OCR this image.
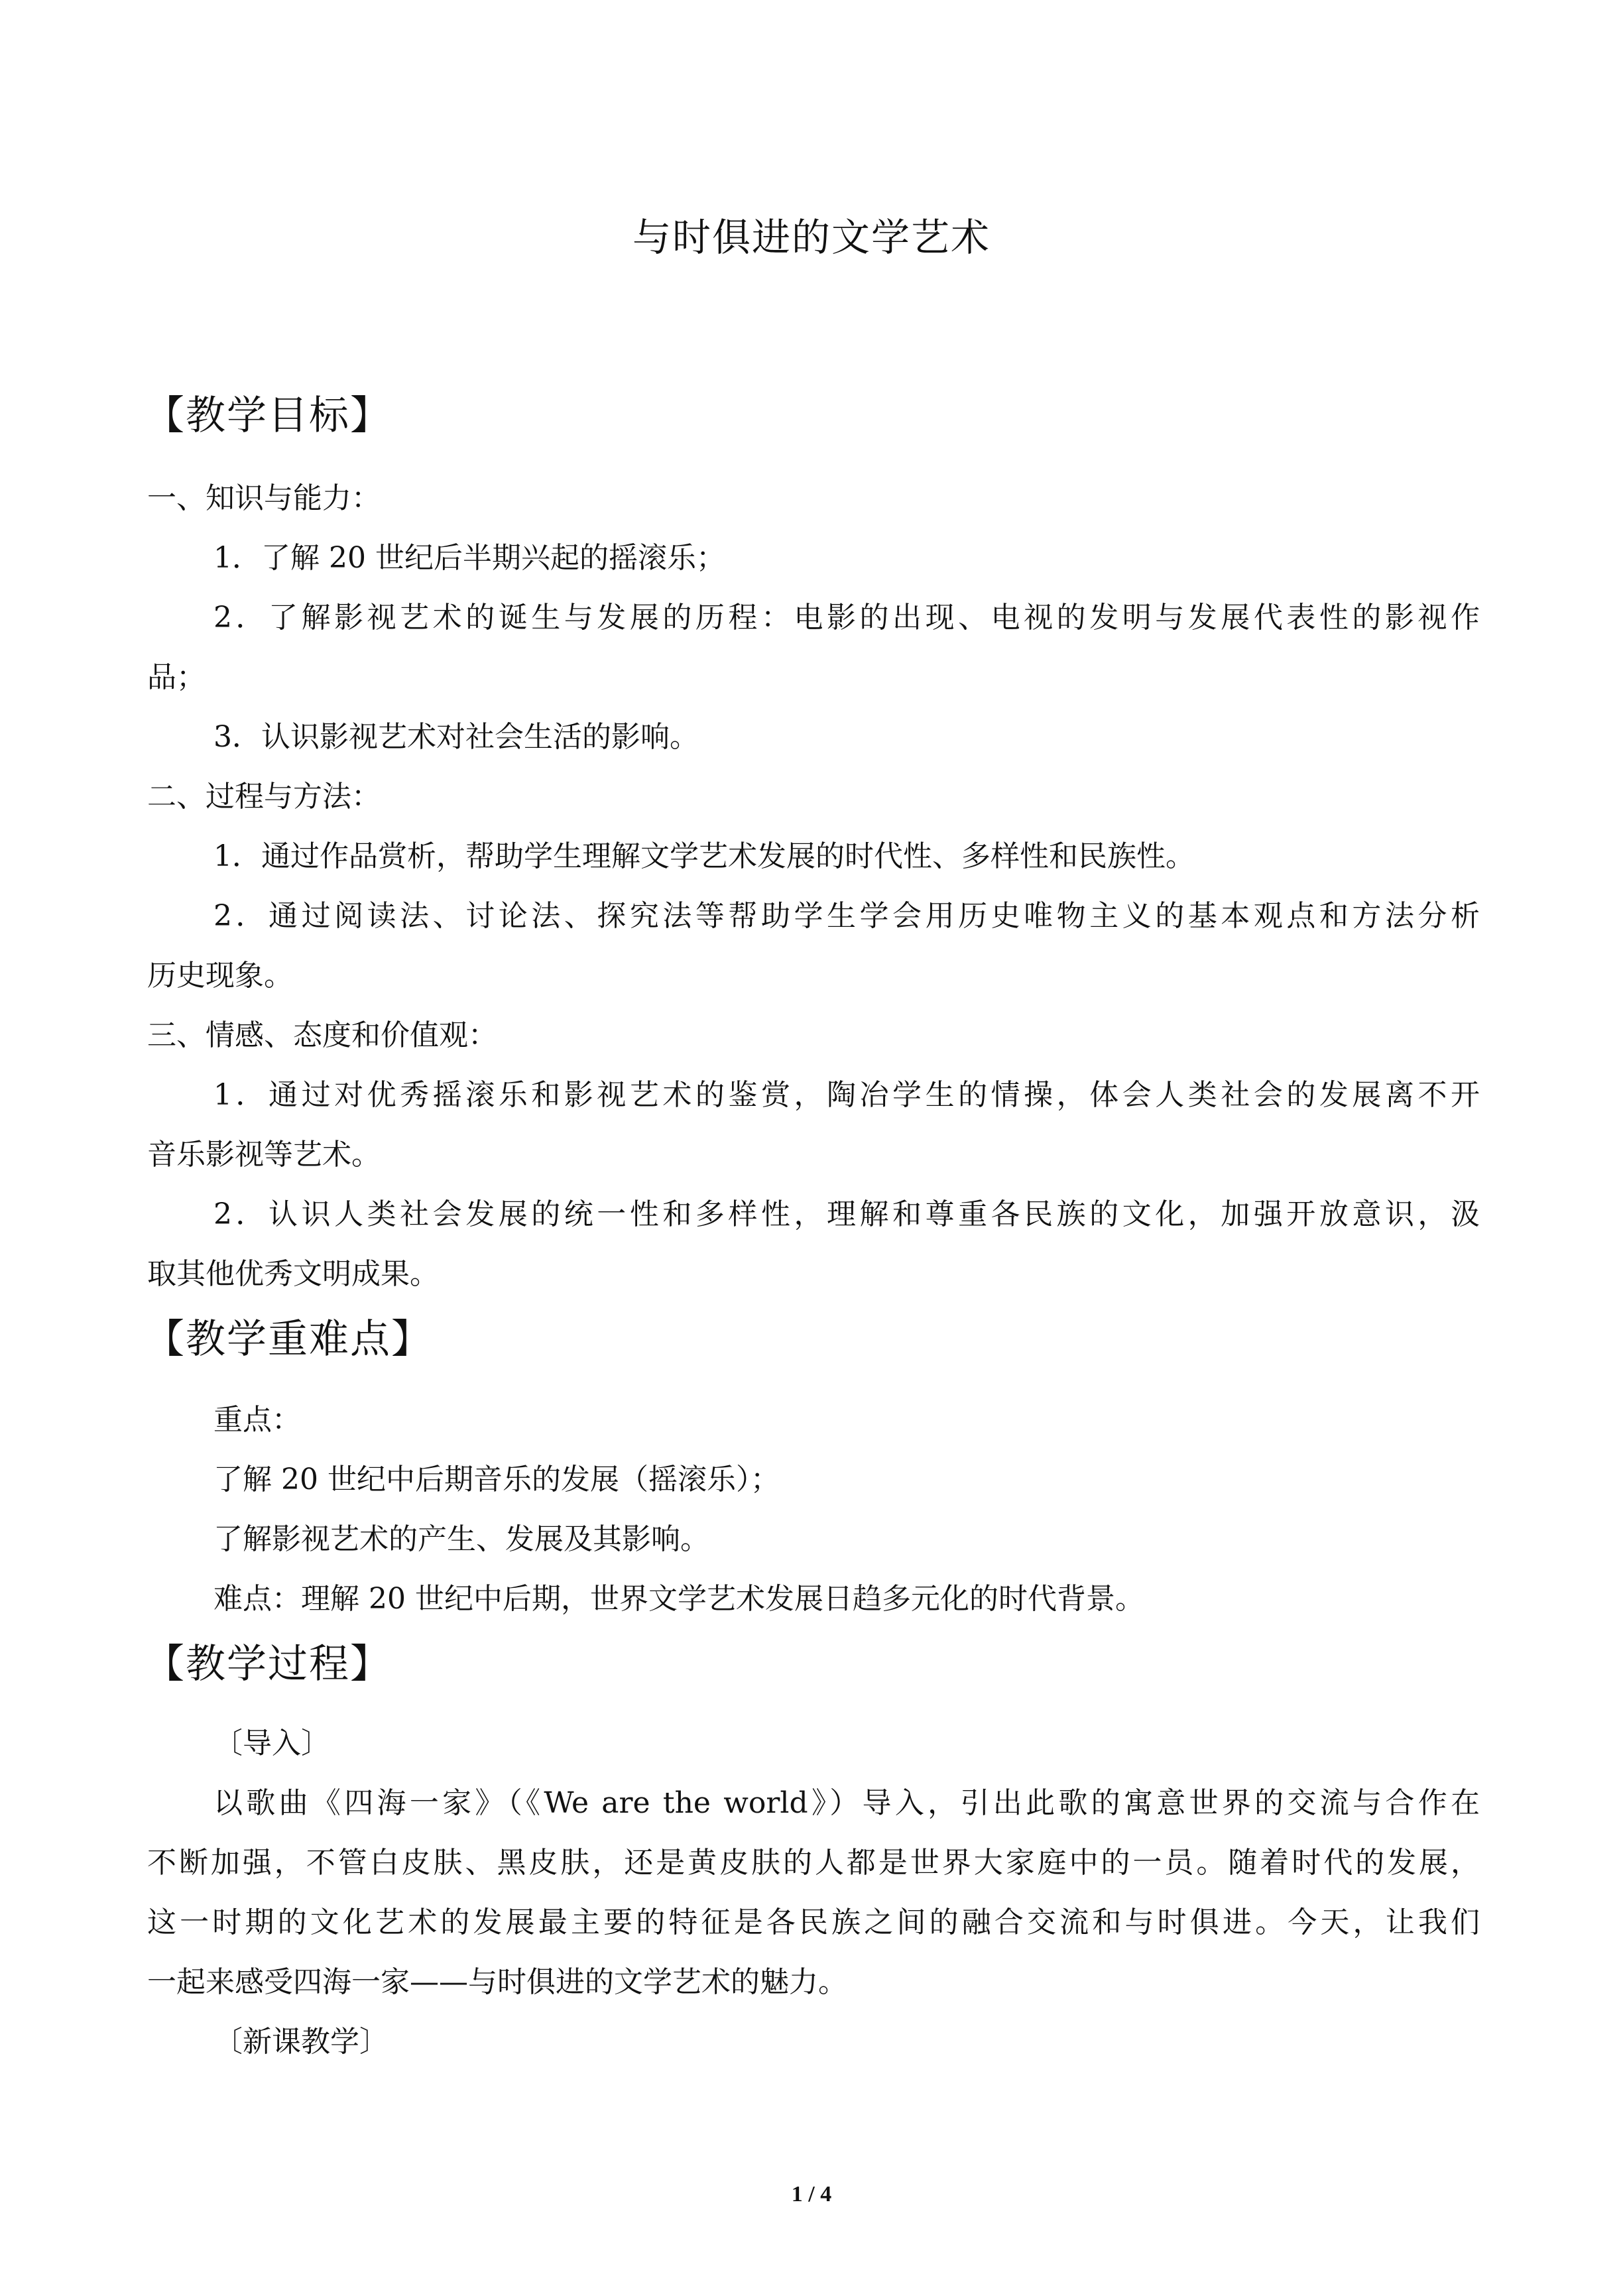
与时俱进的文学艺术
【教学目标】
一、知识与能力：
1．了解 20 世纪后半期兴起的摇滚乐；
2．了解影视艺术的诞生与发展的历程：电影的出现、电视的发明与发展代表性的影视作
品；
3．认识影视艺术对社会生活的影响。
二、过程与方法：
1．通过作品赏析，帮助学生理解文学艺术发展的时代性、多样性和民族性。
2．通过阅读法、讨论法、探究法等帮助学生学会用历史唯物主义的基本观点和方法分析
历史现象。
三、情感、态度和价值观：
1．通过对优秀摇滚乐和影视艺术的鉴赏，陶冶学生的情操，体会人类社会的发展离不开
音乐影视等艺术。
2．认识人类社会发展的统一性和多样性，理解和尊重各民族的文化，加强开放意识，汲
取其他优秀文明成果。
【教学重难点】
重点：
了解 20 世纪中后期音乐的发展（摇滚乐）；
了解影视艺术的产生、发展及其影响。
难点：理解 20 世纪中后期，世界文学艺术发展日趋多元化的时代背景。
【教学过程】
〔导入〕
以歌曲《四海一家》（《We are the world》）导入，引出此歌的寓意世界的交流与合作在
不断加强，不管白皮肤、黑皮肤，还是黄皮肤的人都是世界大家庭中的一员。随着时代的发展，
这一时期的文化艺术的发展最主要的特征是各民族之间的融合交流和与时俱进。今天，让我们
一起来感受四海一家——与时俱进的文学艺术的魅力。
〔新课教学〕
1 / 4
